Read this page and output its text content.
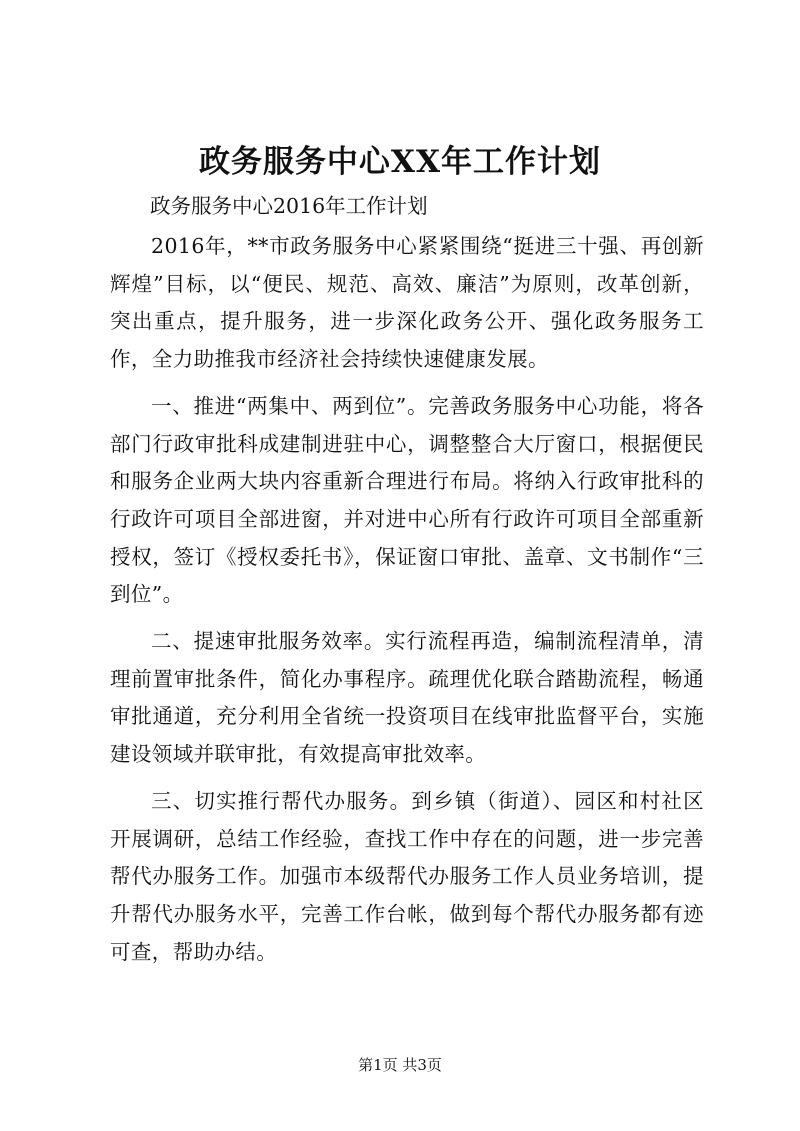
政务服务中心XX年工作计划
政务服务中心2016年工作计划

2016年，**市政务服务中心紧紧围绕“挺进三十强、再创新辉煌”目标，以“便民、规范、高效、廉洁”为原则，改革创新，突出重点，提升服务，进一步深化政务公开、强化政务服务工作，全力助推我市经济社会持续快速健康发展。

一、推进“两集中、两到位”。完善政务服务中心功能，将各部门行政审批科成建制进驻中心，调整整合大厅窗口，根据便民和服务企业两大块内容重新合理进行布局。将纳入行政审批科的行政许可项目全部进窗，并对进中心所有行政许可项目全部重新授权，签订《授权委托书》，保证窗口审批、盖章、文书制作“三到位”。

二、提速审批服务效率。实行流程再造，编制流程清单，清理前置审批条件，简化办事程序。疏理优化联合踏勘流程，畅通审批通道，充分利用全省统一投资项目在线审批监督平台，实施建设领域并联审批，有效提高审批效率。

三、切实推行帮代办服务。到乡镇（街道）、园区和村社区开展调研，总结工作经验，查找工作中存在的问题，进一步完善帮代办服务工作。加强市本级帮代办服务工作人员业务培训，提升帮代办服务水平，完善工作台帐，做到每个帮代办服务都有迹可查，帮助办结。

第1页 共3页
